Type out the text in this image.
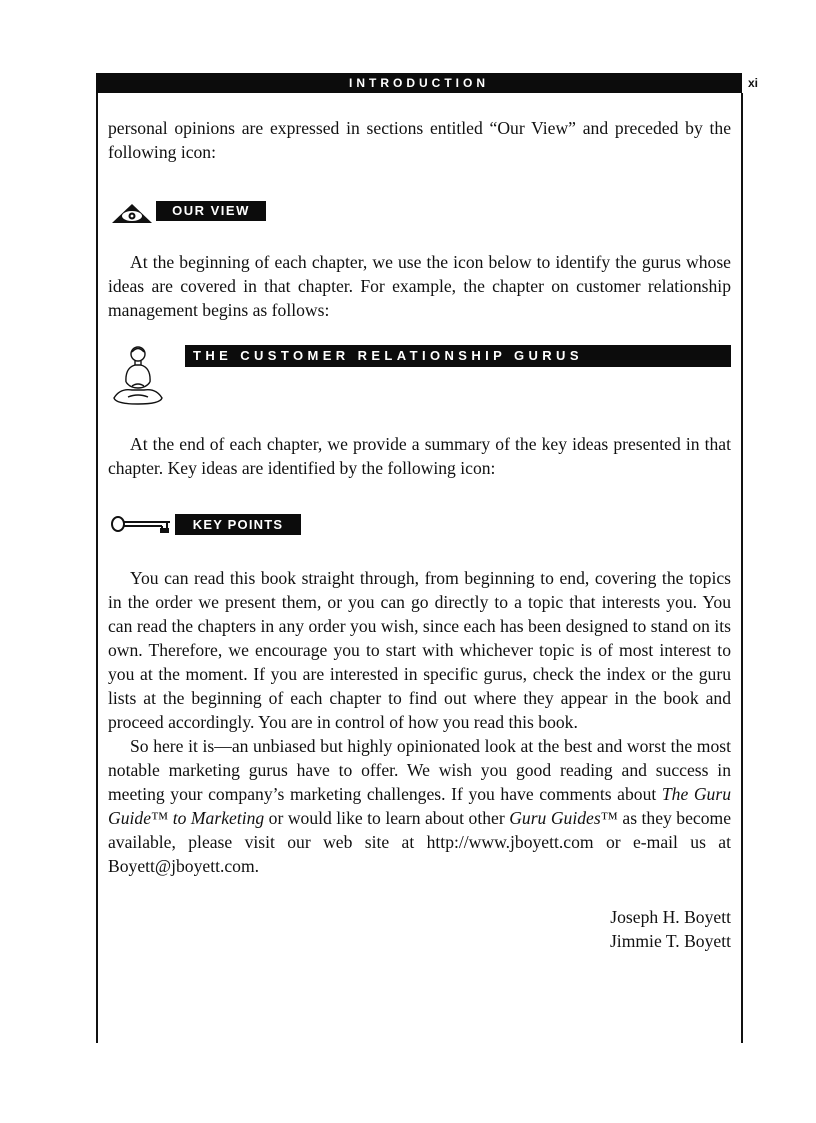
INTRODUCTION	xi

personal opinions are expressed in sections entitled “Our View” and preceded by the following icon:

OUR VIEW

At the beginning of each chapter, we use the icon below to identify the gurus whose ideas are covered in that chapter. For example, the chapter on customer relationship management begins as follows:

THE CUSTOMER RELATIONSHIP GURUS

At the end of each chapter, we provide a summary of the key ideas presented in that chapter. Key ideas are identified by the following icon:

KEY POINTS

You can read this book straight through, from beginning to end, covering the topics in the order we present them, or you can go directly to a topic that interests you. You can read the chapters in any order you wish, since each has been designed to stand on its own. Therefore, we encourage you to start with whichever topic is of most interest to you at the moment. If you are interested in specific gurus, check the index or the guru lists at the beginning of each chapter to find out where they appear in the book and proceed accordingly. You are in control of how you read this book.

So here it is—an unbiased but highly opinionated look at the best and worst the most notable marketing gurus have to offer. We wish you good reading and success in meeting your company’s marketing challenges. If you have comments about The Guru Guide™ to Marketing or would like to learn about other Guru Guides™ as they become available, please visit our web site at http://www.jboyett.com or e-mail us at Boyett@jboyett.com.

Joseph H. Boyett
Jimmie T. Boyett
